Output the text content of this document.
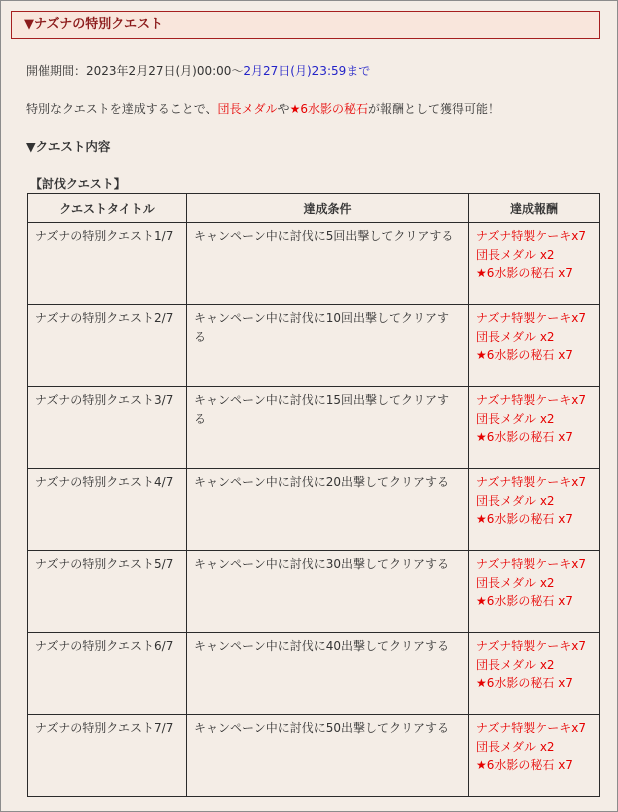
▼ナズナの特別クエスト
開催期間：2023年2月27日(月)00:00〜2月27日(月)23:59まで
特別なクエストを達成することで、団長メダルや★6水影の秘石が報酬として獲得可能！
▼クエスト内容
【討伐クエスト】
クエストタイトル	達成条件	達成報酬
ナズナの特別クエスト1/7	キャンペーン中に討伐に5回出撃してクリアする	ナズナ特製ケーキx7
団長メダル x2
★6水影の秘石 x7

ナズナの特別クエスト2/7	キャンペーン中に討伐に10回出撃してクリアする	ナズナ特製ケーキx7
団長メダル x2
★6水影の秘石 x7

ナズナの特別クエスト3/7	キャンペーン中に討伐に15回出撃してクリアする	ナズナ特製ケーキx7
団長メダル x2
★6水影の秘石 x7

ナズナの特別クエスト4/7	キャンペーン中に討伐に20出撃してクリアする	ナズナ特製ケーキx7
団長メダル x2
★6水影の秘石 x7

ナズナの特別クエスト5/7	キャンペーン中に討伐に30出撃してクリアする	ナズナ特製ケーキx7
団長メダル x2
★6水影の秘石 x7

ナズナの特別クエスト6/7	キャンペーン中に討伐に40出撃してクリアする	ナズナ特製ケーキx7
団長メダル x2
★6水影の秘石 x7

ナズナの特別クエスト7/7	キャンペーン中に討伐に50出撃してクリアする	ナズナ特製ケーキx7
団長メダル x2
★6水影の秘石 x7
